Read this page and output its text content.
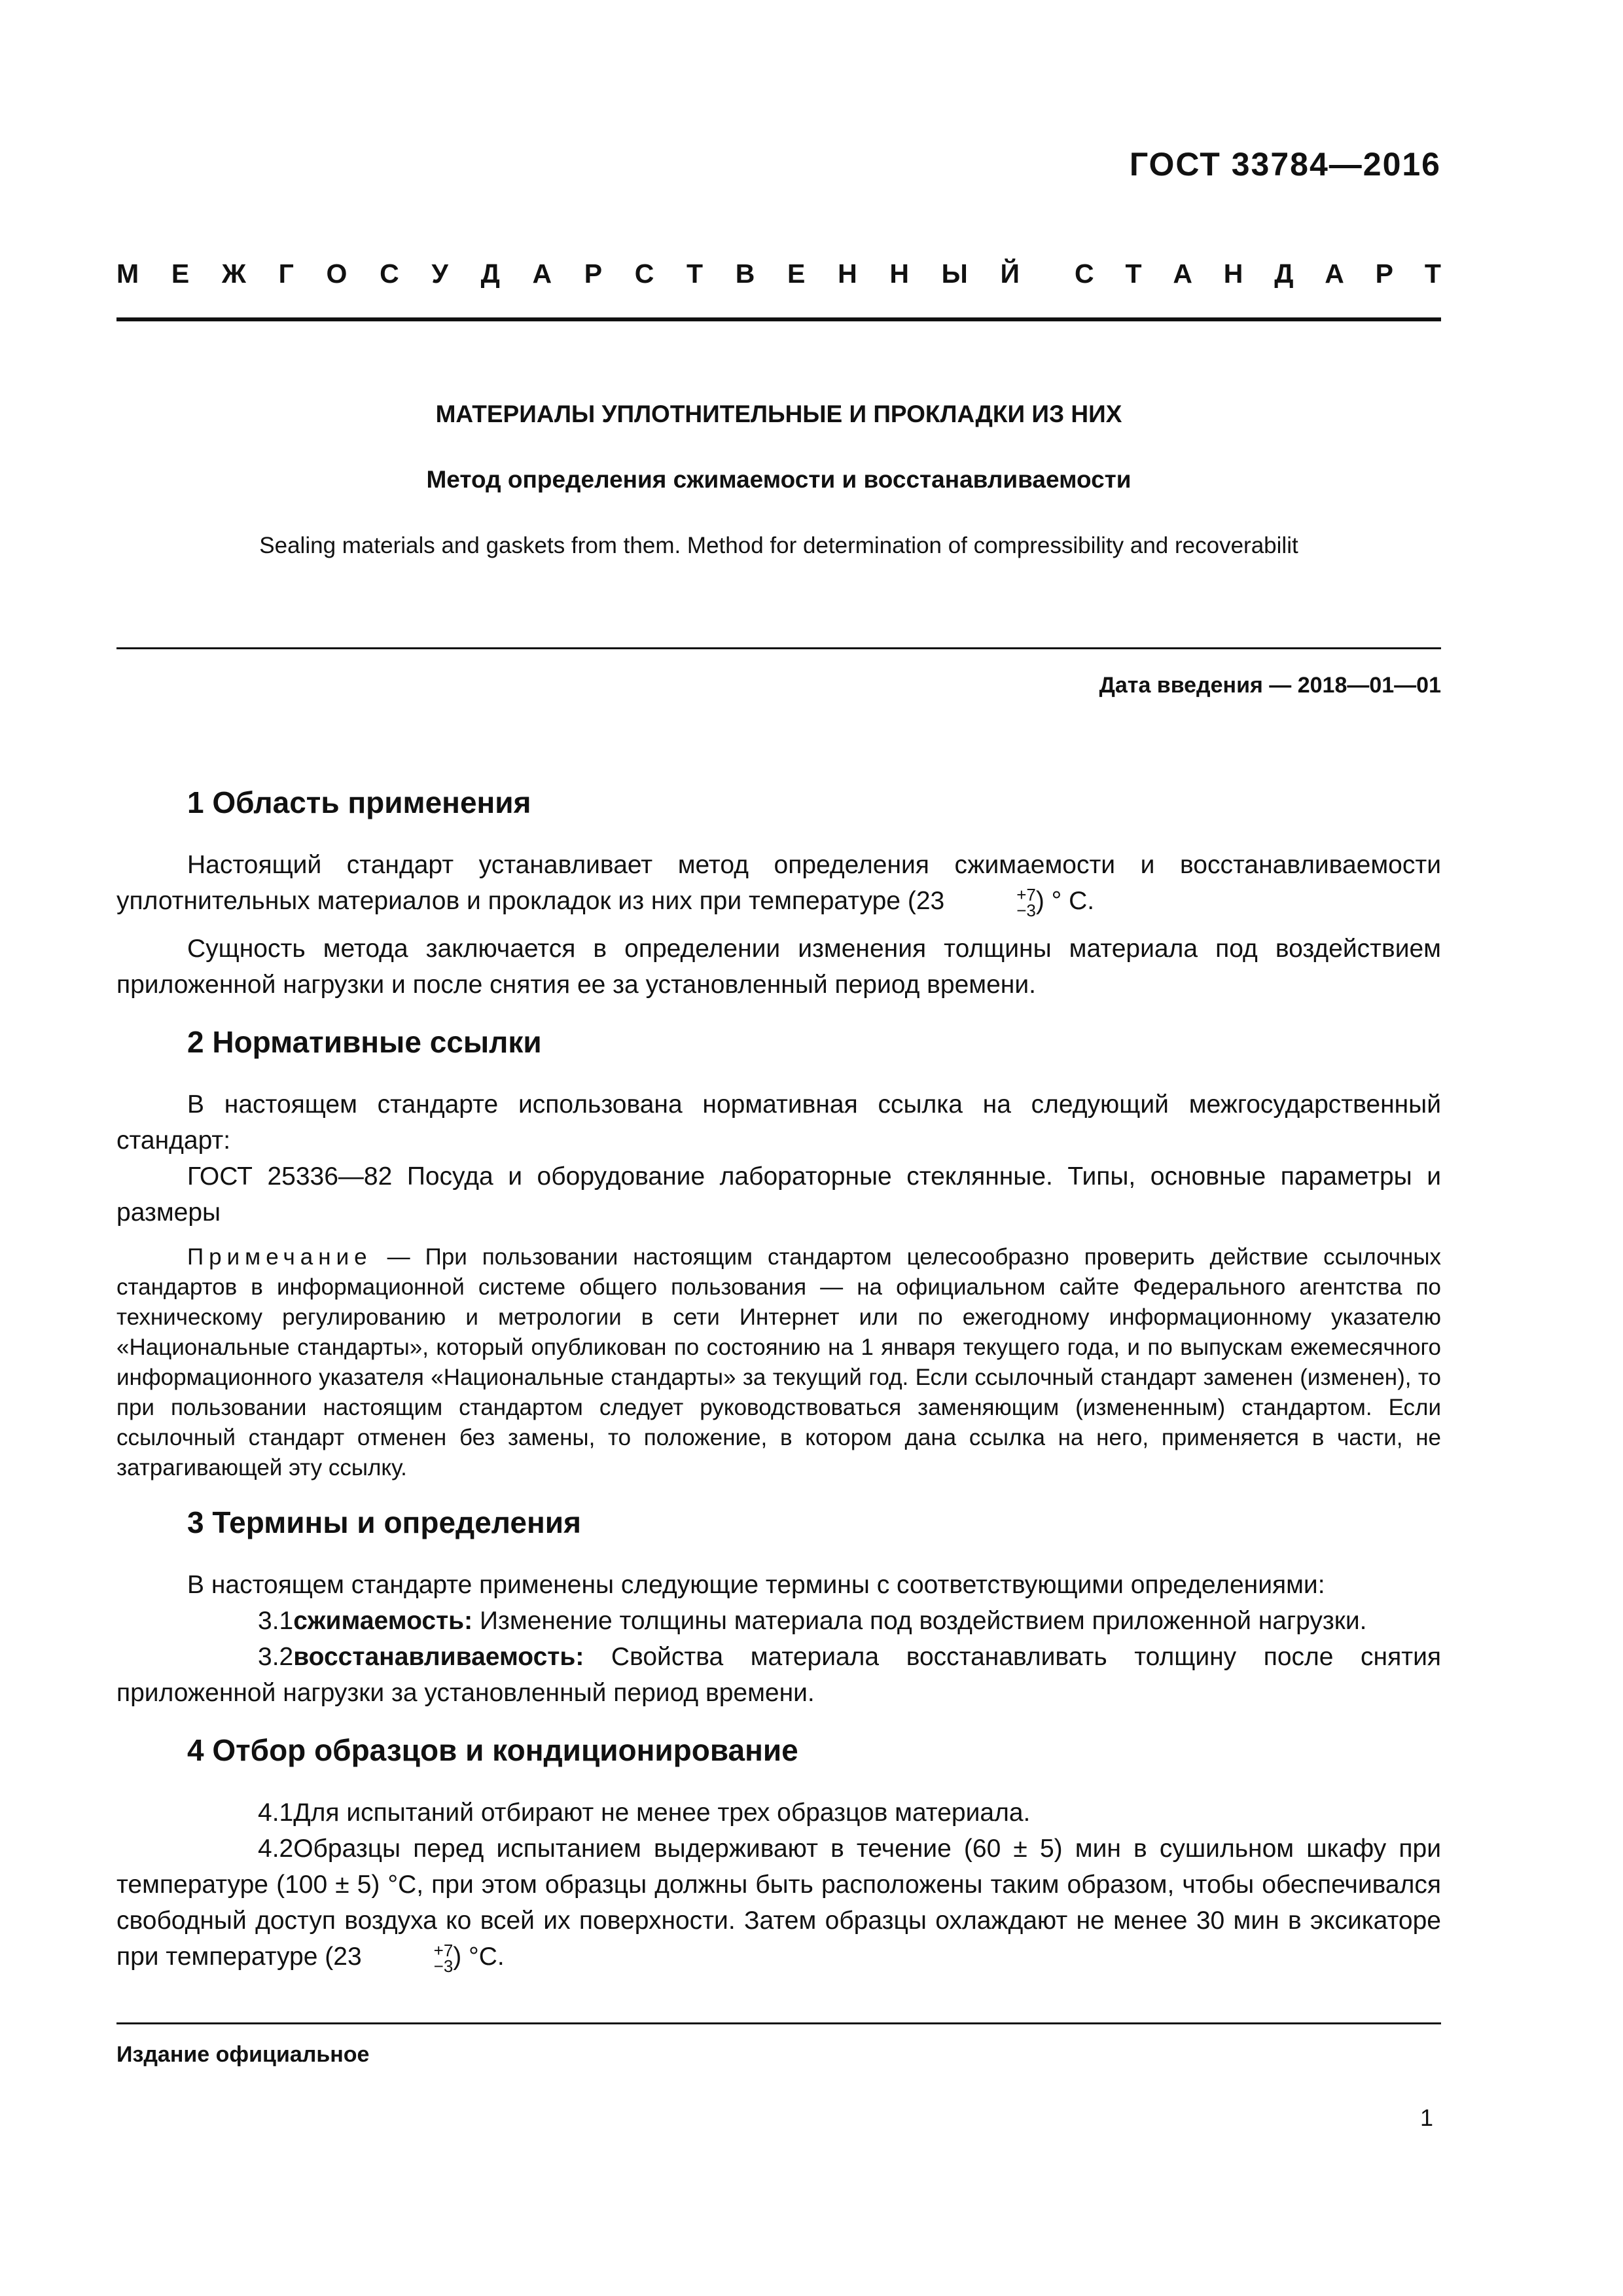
ГОСТ 33784—2016
М Е Ж Г О С У Д А Р С Т В Е Н Н Ы Й С Т А Н Д А Р Т
МАТЕРИАЛЫ УПЛОТНИТЕЛЬНЫЕ И ПРОКЛАДКИ ИЗ НИХ
Метод определения сжимаемости и восстанавливаемости
Sealing materials and gaskets from them. Method for determination of compressibility and recoverabilit
Дата введения — 2018—01—01
1 Область применения

Настоящий стандарт устанавливает метод определения сжимаемости и восстанавливаемости уплотнительных материалов и прокладок из них при температуре (23	+7
−3 ) ° С.

Сущность метода заключается в определении изменения толщины материала под воздействием приложенной нагрузки и после снятия ее за установленный период времени.

2 Нормативные ссылки

В настоящем стандарте использована нормативная ссылка на следующий межгосударственный стандарт:

ГОСТ 25336—82 Посуда и оборудование лабораторные стеклянные. Типы, основные параметры и размеры

Примечание — При пользовании настоящим стандартом целесообразно проверить действие ссылочных стандартов в информационной системе общего пользования — на официальном сайте Федерального агентства по техническому регулированию и метрологии в сети Интернет или по ежегодному информационному указателю «Национальные стандарты», который опубликован по состоянию на 1 января текущего года, и по выпускам ежемесячного информационного указателя «Национальные стандарты» за текущий год. Если ссылочный стандарт заменен (изменен), то при пользовании настоящим стандартом следует руководствоваться заменяющим (измененным) стандартом. Если ссылочный стандарт отменен без замены, то положение, в котором дана ссылка на него, применяется в части, не затрагивающей эту ссылку.

3 Термины и определения

В настоящем стандарте применены следующие термины с соответствующими определениями:

3.1сжимаемость: Изменение толщины материала под воздействием приложенной нагрузки.

3.2восстанавливаемость: Свойства материала восстанавливать толщину после снятия приложенной нагрузки за установленный период времени.

4 Отбор образцов и кондиционирование

4.1Для испытаний отбирают не менее трех образцов материала.

4.2Образцы перед испытанием выдерживают в течение (60 ± 5) мин в сушильном шкафу при температуре (100 ± 5) °С, при этом образцы должны быть расположены таким образом, чтобы обеспечивался свободный доступ воздуха ко всей их поверхности. Затем образцы охлаждают не менее 30 мин в эксикаторе при температуре (23	+7
−3 ) °С.

Издание официальное
1
